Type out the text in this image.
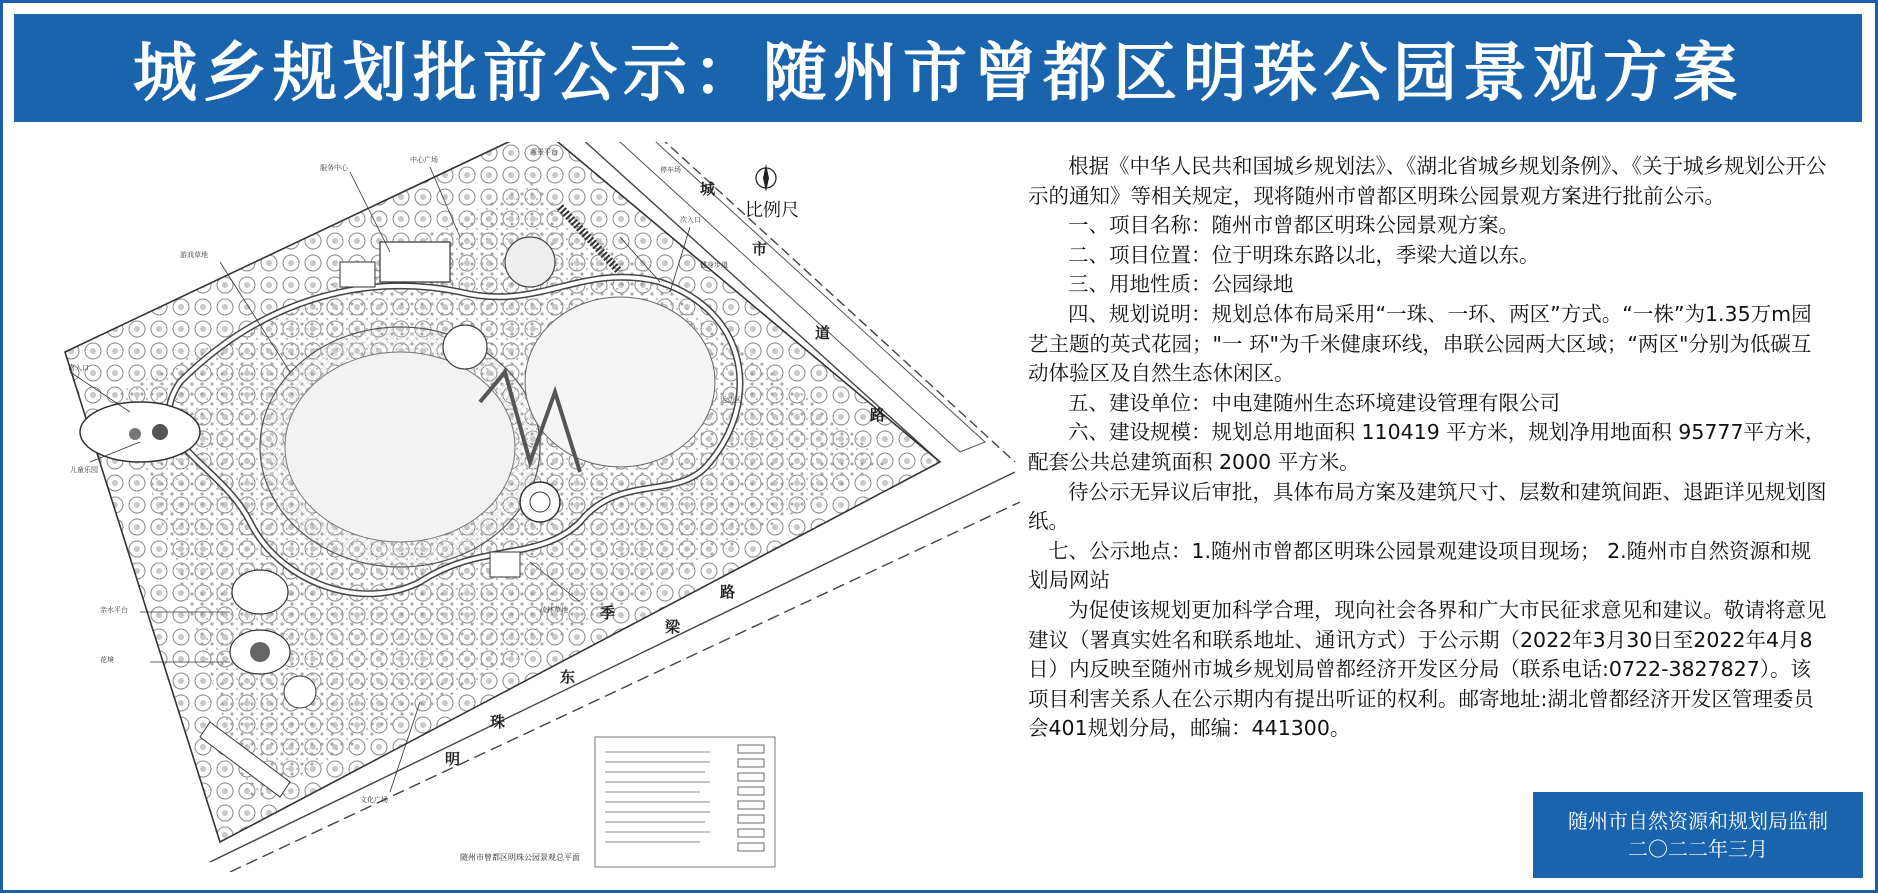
城乡规划批前公示：随州市曾都区明珠公园景观方案
游戏草地
服务中心
中心广场
观景平台
停车场
次入口
南入口
儿童乐园
亲水平台
花境
运动区
健身步道
疏林草地
文化广场
比例尺
城
市
道
路
季
梁
东
珠
明
路
随州市曾都区明珠公园景观总平面

根据《中华人民共和国城乡规划法》、《湖北省城乡规划条例》、《关于城乡规划公开公示的通知》等相关规定，现将随州市曾都区明珠公园景观方案进行批前公示。

一、项目名称：随州市曾都区明珠公园景观方案。

二、项目位置：位于明珠东路以北，季梁大道以东。

三、用地性质：公园绿地

四、规划说明：规划总体布局采用“一珠、一环、两区”方式。“一株”为1.35万m园艺主题的英式花园；"一 环"为千米健康环线，串联公园两大区域；“两区"分别为低碳互动体验区及自然生态休闲区。

五、建设单位：中电建随州生态环境建设管理有限公司

六、建设规模：规划总用地面积 110419 平方米，规划净用地面积 95777平方米，配套公共总建筑面积 2000 平方米。

待公示无异议后审批，具体布局方案及建筑尺寸、层数和建筑间距、退距详见规划图纸。

七、公示地点：1.随州市曾都区明珠公园景观建设项目现场； 2.随州市自然资源和规划局网站

为促使该规划更加科学合理，现向社会各界和广大市民征求意见和建议。敬请将意见建议（署真实姓名和联系地址、通讯方式）于公示期（2022年3月30日至2022年4月8日）内反映至随州市城乡规划局曾都经济开发区分局（联系电话:0722-3827827）。该项目利害关系人在公示期内有提出听证的权利。邮寄地址:湖北曾都经济开发区管理委员会401规划分局，邮编：441300。

随州市自然资源和规划局监制
二〇二二年三月
